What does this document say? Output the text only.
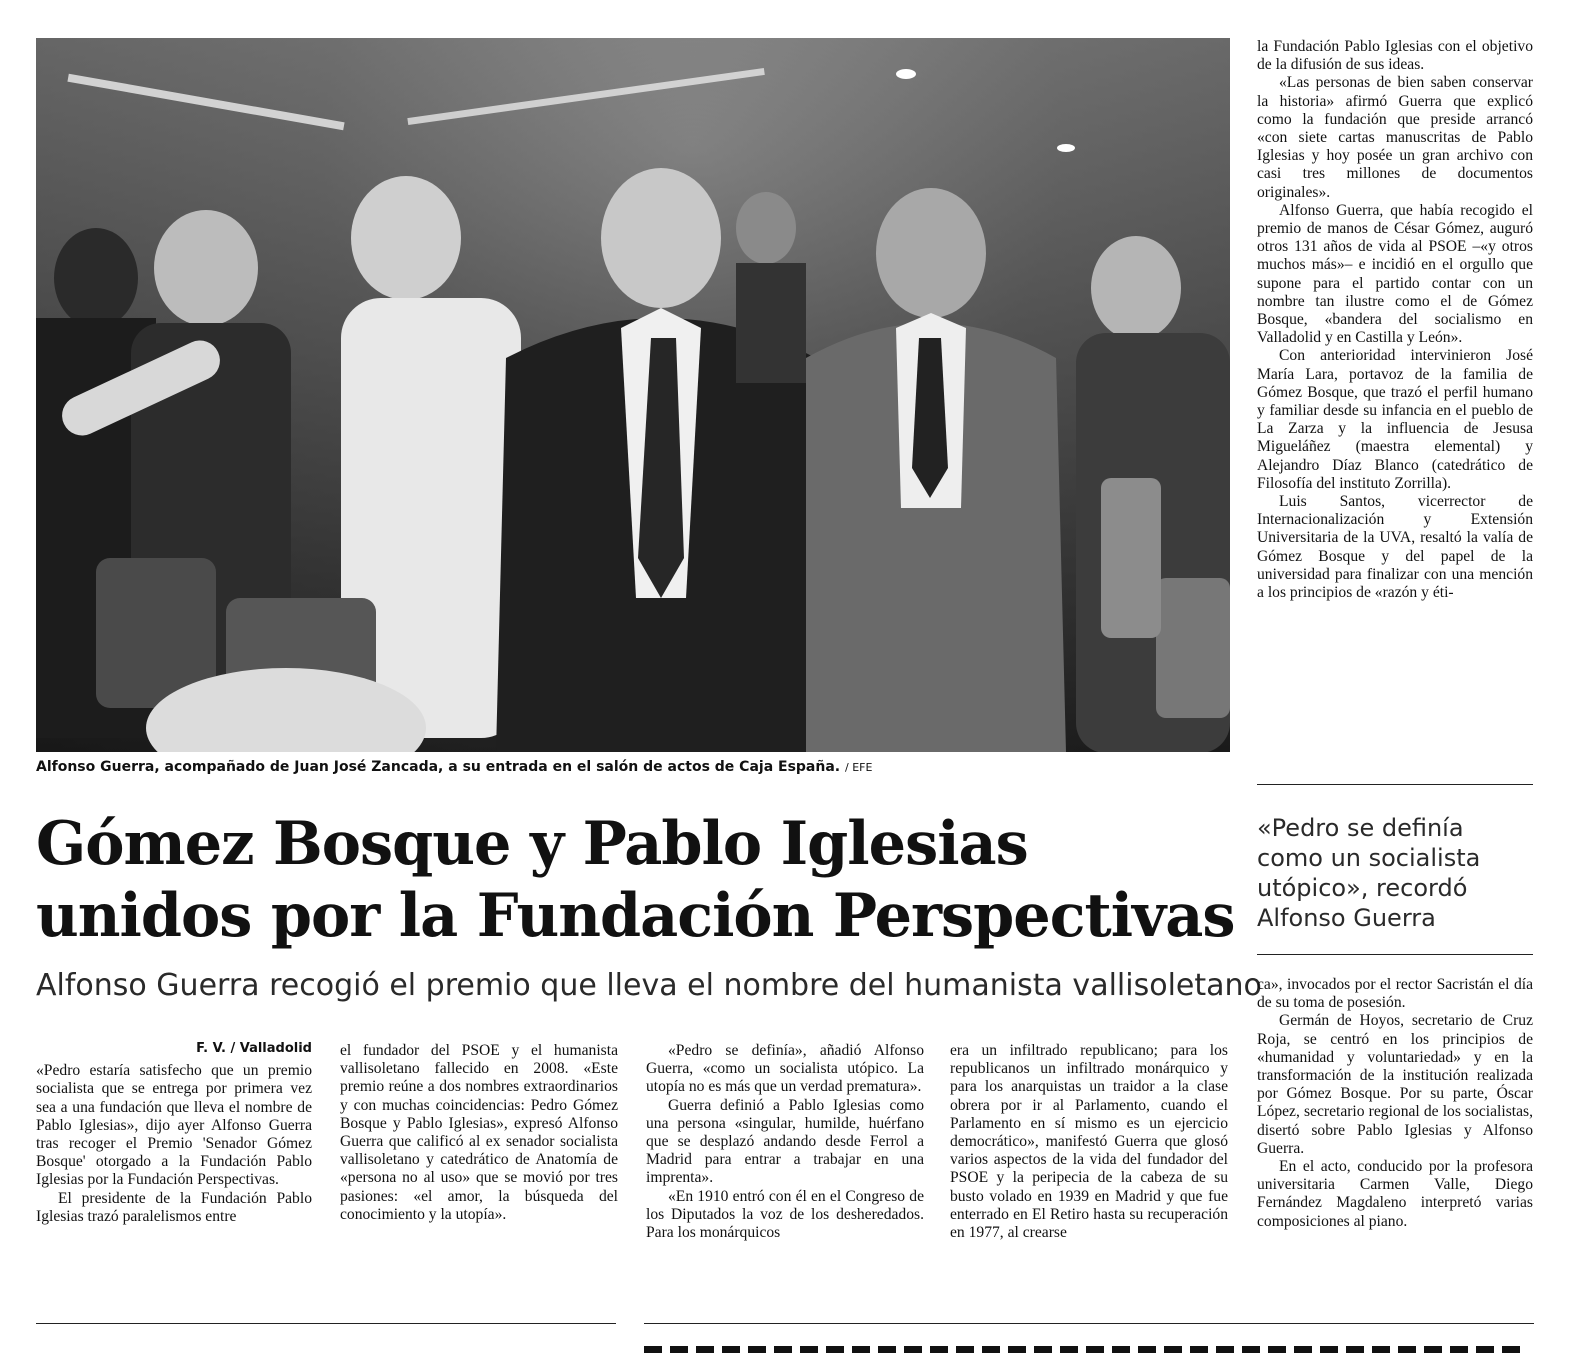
Alfonso Guerra, acompañado de Juan José Zancada, a su entrada en el salón de actos de Caja España. / EFE

la Fundación Pablo Iglesias con el objetivo de la difusión de sus ideas.

«Las personas de bien saben conservar la historia» afirmó Guerra que explicó como la fundación que preside arrancó «con siete cartas manuscritas de Pablo Iglesias y hoy posée un gran archivo con casi tres millones de documentos originales».

Alfonso Guerra, que había recogido el premio de manos de César Gómez, auguró otros 131 años de vida al PSOE –«y otros muchos más»– e incidió en el orgullo que supone para el partido contar con un nombre tan ilustre como el de Gómez Bosque, «bandera del socialismo en Valladolid y en Castilla y León».

Con anterioridad intervinieron José María Lara, portavoz de la familia de Gómez Bosque, que trazó el perfil humano y familiar desde su infancia en el pueblo de La Zarza y la influencia de Jesusa Migueláñez (maestra elemental) y Alejandro Díaz Blanco (catedrático de Filosofía del instituto Zorrilla).

Luis Santos, vicerrector de Internacionalización y Extensión Universitaria de la UVA, resaltó la valía de Gómez Bosque y del papel de la universidad para finalizar con una mención a los principios de «razón y éti-

Gómez Bosque y Pablo Iglesias
unidos por la Fundación Perspectivas
«Pedro se definía como un socialista utópico», recordó Alfonso Guerra
Alfonso Guerra recogió el premio que lleva el nombre del humanista vallisoletano
F. V. / Valladolid

«Pedro estaría satisfecho que un premio socialista que se entrega por primera vez sea a una fundación que lleva el nombre de Pablo Iglesias», dijo ayer Alfonso Guerra tras recoger el Premio 'Senador Gómez Bosque' otorgado a la Fundación Pablo Iglesias por la Fundación Perspectivas.

El presidente de la Fundación Pablo Iglesias trazó paralelismos entre

el fundador del PSOE y el humanista vallisoletano fallecido en 2008. «Este premio reúne a dos nombres extraordinarios y con muchas coincidencias: Pedro Gómez Bosque y Pablo Iglesias», expresó Alfonso Guerra que calificó al ex senador socialista vallisoletano y catedrático de Anatomía de «persona no al uso» que se movió por tres pasiones: «el amor, la búsqueda del conocimiento y la utopía».

«Pedro se definía», añadió Alfonso Guerra, «como un socialista utópico. La utopía no es más que un verdad prematura».

Guerra definió a Pablo Iglesias como una persona «singular, humilde, huérfano que se desplazó andando desde Ferrol a Madrid para entrar a trabajar en una imprenta».

«En 1910 entró con él en el Congreso de los Diputados la voz de los desheredados. Para los monárquicos

era un infiltrado republicano; para los republicanos un infiltrado monárquico y para los anarquistas un traidor a la clase obrera por ir al Parlamento, cuando el Parlamento en sí mismo es un ejercicio democrático», manifestó Guerra que glosó varios aspectos de la vida del fundador del PSOE y la peripecia de la cabeza de su busto volado en 1939 en Madrid y que fue enterrado en El Retiro hasta su recuperación en 1977, al crearse

ca», invocados por el rector Sacristán el día de su toma de posesión.

Germán de Hoyos, secretario de Cruz Roja, se centró en los principios de «humanidad y voluntariedad» y en la transformación de la institución realizada por Gómez Bosque. Por su parte, Óscar López, secretario regional de los socialistas, disertó sobre Pablo Iglesias y Alfonso Guerra.

En el acto, conducido por la profesora universitaria Carmen Valle, Diego Fernández Magdaleno interpretó varias composiciones al piano.
